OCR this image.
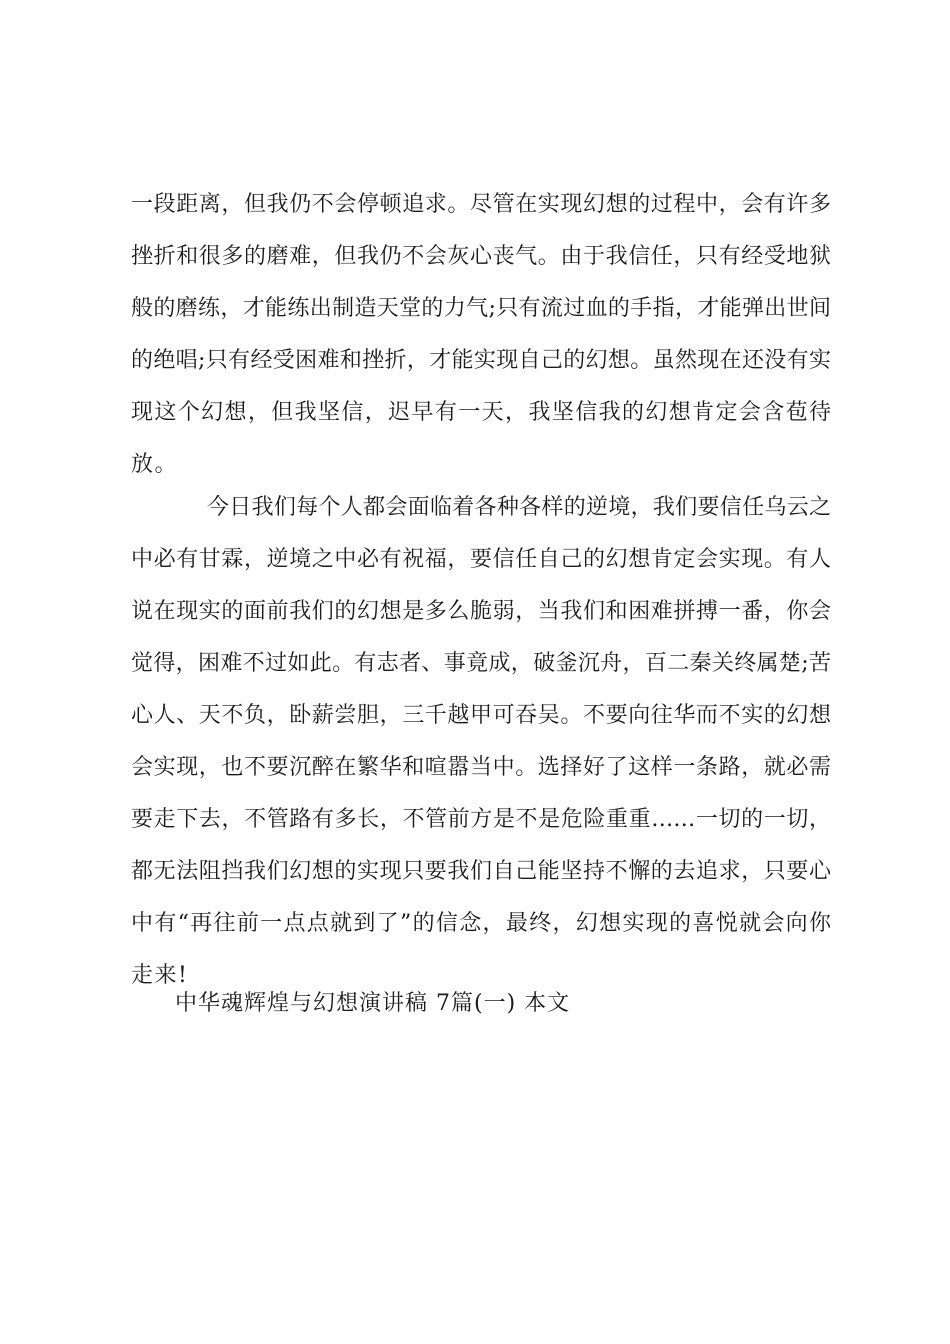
一段距离，但我仍不会停顿追求。尽管在实现幻想的过程中，会有许多
挫折和很多的磨难，但我仍不会灰心丧气。由于我信任，只有经受地狱
般的磨练，才能练出制造天堂的力气;只有流过血的手指，才能弹出世间
的绝唱;只有经受困难和挫折，才能实现自己的幻想。虽然现在还没有实
现这个幻想，但我坚信，迟早有一天，我坚信我的幻想肯定会含苞待
放。
今日我们每个人都会面临着各种各样的逆境，我们要信任乌云之
中必有甘霖，逆境之中必有祝福，要信任自己的幻想肯定会实现。有人
说在现实的面前我们的幻想是多么脆弱，当我们和困难拼搏一番，你会
觉得，困难不过如此。有志者、事竟成，破釜沉舟，百二秦关终属楚;苦
心人、天不负，卧薪尝胆，三千越甲可吞吴。不要向往华而不实的幻想
会实现，也不要沉醉在繁华和喧嚣当中。选择好了这样一条路，就必需
要走下去，不管路有多长，不管前方是不是危险重重……一切的一切，
都无法阻挡我们幻想的实现只要我们自己能坚持不懈的去追求，只要心
中有“再往前一点点就到了”的信念，最终，幻想实现的喜悦就会向你
走来!
中华魂辉煌与幻想演讲稿 7篇(一) 本文
